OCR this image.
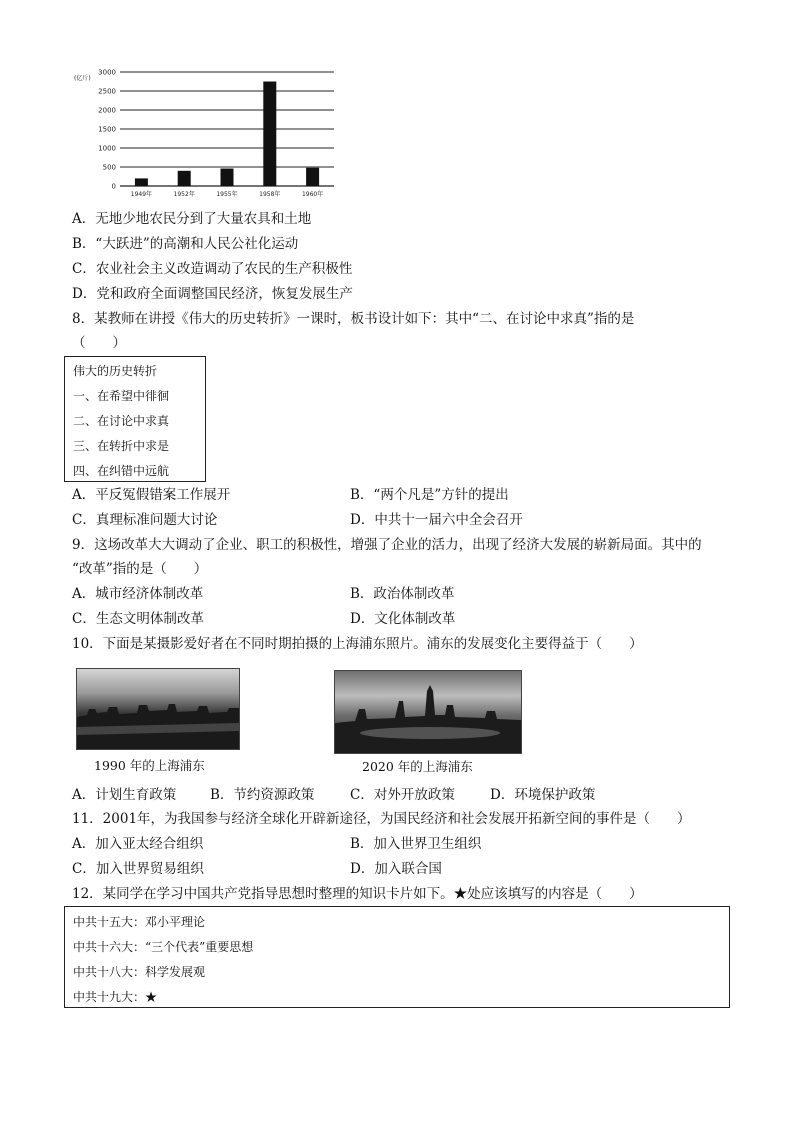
(亿斤)
0
500
1000
1500
2000
2500
3000
1949年	1952年	1955年	1958年	1960年
A．无地少地农民分到了大量农具和土地
B．“大跃进”的高潮和人民公社化运动
C．农业社会主义改造调动了农民的生产积极性
D．党和政府全面调整国民经济，恢复发展生产
8．某教师在讲授《伟大的历史转折》一课时，板书设计如下：其中“二、在讨论中求真”指的是
（　　）
伟大的历史转折
一、在希望中徘徊
二、在讨论中求真
三、在转折中求是
四、在纠错中远航
A．平反冤假错案工作展开	B．“两个凡是”方针的提出
C．真理标准问题大讨论	D．中共十一届六中全会召开
9．这场改革大大调动了企业、职工的积极性，增强了企业的活力，出现了经济大发展的崭新局面。其中的
“改革”指的是（　　）
A．城市经济体制改革	B．政治体制改革
C．生态文明体制改革	D．文化体制改革
10．下面是某摄影爱好者在不同时期拍摄的上海浦东照片。浦东的发展变化主要得益于（　　）
1990 年的上海浦东	2020 年的上海浦东
A．计划生育政策	B．节约资源政策	C．对外开放政策	D．环境保护政策
11．2001年，为我国参与经济全球化开辟新途径，为国民经济和社会发展开拓新空间的事件是（　　）
A．加入亚太经合组织	B．加入世界卫生组织
C．加入世界贸易组织	D．加入联合国
12．某同学在学习中国共产党指导思想时整理的知识卡片如下。★处应该填写的内容是（　　）
中共十五大：邓小平理论
中共十六大：“三个代表”重要思想
中共十八大：科学发展观
中共十九大：★
